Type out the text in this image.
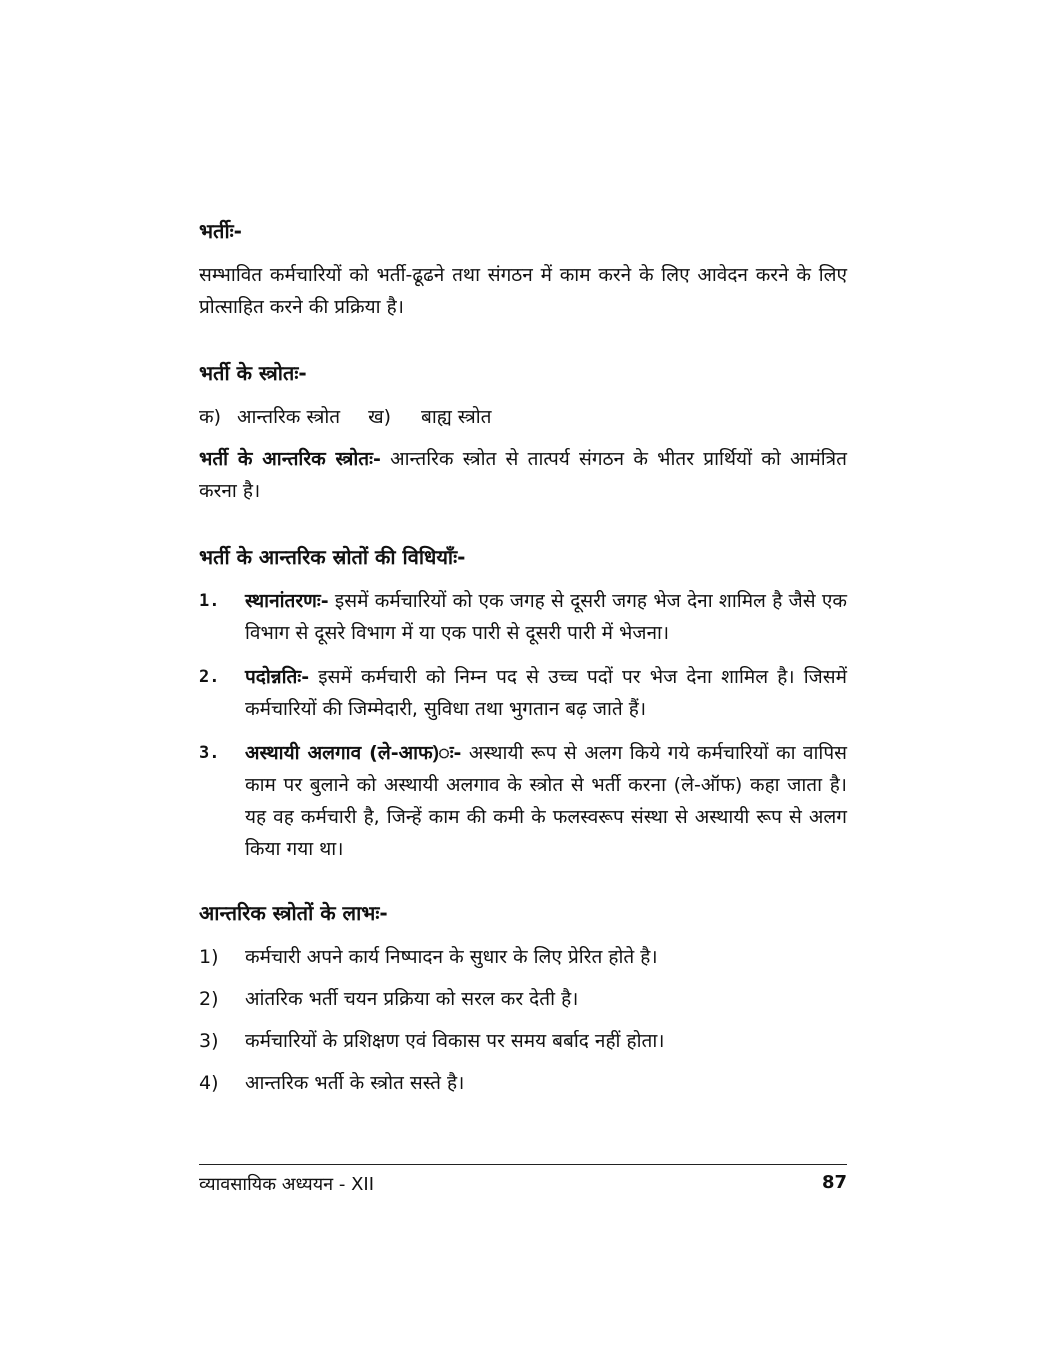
भर्तीः-
सम्भावित कर्मचारियों को भर्ती-ढूढने तथा संगठन में काम करने के लिए आवेदन करने के लिए प्रोत्साहित करने की प्रक्रिया है।
भर्ती के स्त्रोतः-
क) आन्तरिक स्त्रोत ख) बाह्य स्त्रोत
भर्ती के आन्तरिक स्त्रोतः- आन्तरिक स्त्रोत से तात्पर्य संगठन के भीतर प्रार्थियों को आमंत्रित करना है।
भर्ती के आन्तरिक स्रोतों की विधियाँः-
1.	स्थानांतरणः- इसमें कर्मचारियों को एक जगह से दूसरी जगह भेज देना शामिल है जैसे एक विभाग से दूसरे विभाग में या एक पारी से दूसरी पारी में भेजना।
2.	पदोन्नतिः- इसमें कर्मचारी को निम्न पद से उच्च पदों पर भेज देना शामिल है। जिसमें कर्मचारियों की जिम्मेदारी, सुविधा तथा भुगतान बढ़ जाते हैं।
3.	अस्थायी अलगाव (ले-आफ)ः- अस्थायी रूप से अलग किये गये कर्मचारियों का वापिस काम पर बुलाने को अस्थायी अलगाव के स्त्रोत से भर्ती करना (ले-ऑफ) कहा जाता है। यह वह कर्मचारी है, जिन्हें काम की कमी के फलस्वरूप संस्था से अस्थायी रूप से अलग किया गया था।
आन्तरिक स्त्रोतों के लाभः-
1)	कर्मचारी अपने कार्य निष्पादन के सुधार के लिए प्रेरित होते है।
2)	आंतरिक भर्ती चयन प्रक्रिया को सरल कर देती है।
3)	कर्मचारियों के प्रशिक्षण एवं विकास पर समय बर्बाद नहीं होता।
4)	आन्तरिक भर्ती के स्त्रोत सस्ते है।
व्यावसायिक अध्ययन - XII	87
